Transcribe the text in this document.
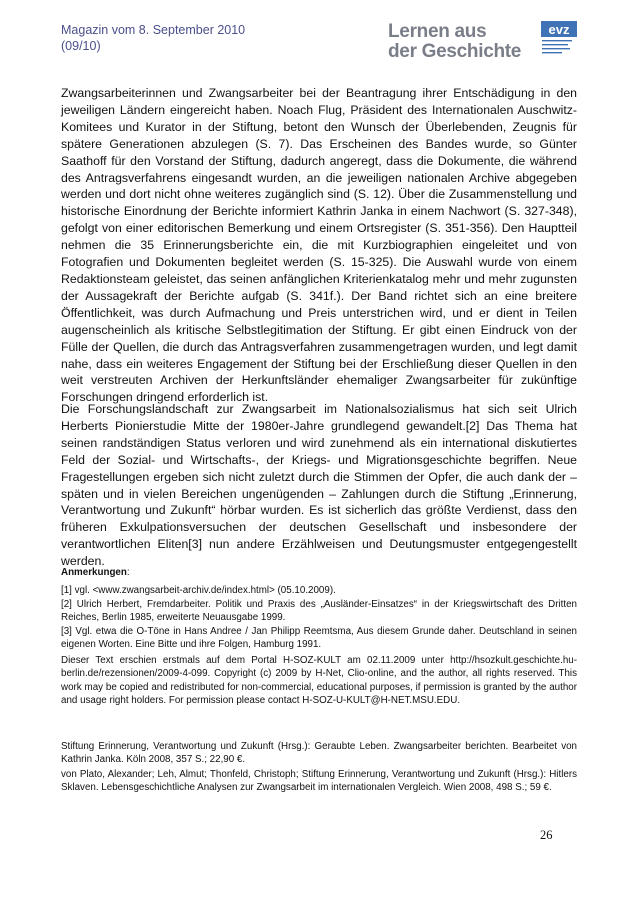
Magazin vom 8. September 2010
(09/10)
Lernen aus
der Geschichte
evz

Zwangsarbeiterinnen und Zwangsarbeiter bei der Beantragung ihrer Entschädigung in den jeweiligen Ländern eingereicht haben. Noach Flug, Präsident des Internationalen Auschwitz-Komitees und Kurator in der Stiftung, betont den Wunsch der Überlebenden, Zeugnis für spätere Generationen abzulegen (S. 7). Das Erscheinen des Bandes wurde, so Günter Saathoff für den Vorstand der Stiftung, dadurch angeregt, dass die Dokumente, die während des Antragsverfahrens eingesandt wurden, an die jeweiligen nationalen Archive abgegeben werden und dort nicht ohne weiteres zugänglich sind (S. 12). Über die Zusammenstellung und historische Einordnung der Berichte informiert Kathrin Janka in einem Nachwort (S. 327-348), gefolgt von einer editorischen Bemerkung und einem Ortsregister (S. 351-356). Den Hauptteil nehmen die 35 Erinnerungsberichte ein, die mit Kurzbiographien eingeleitet und von Fotografien und Dokumenten begleitet werden (S. 15-325). Die Auswahl wurde von einem Redaktionsteam geleistet, das seinen anfänglichen Kriterienkatalog mehr und mehr zugunsten der Aussagekraft der Berichte aufgab (S. 341f.). Der Band richtet sich an eine breitere Öffentlichkeit, was durch Aufmachung und Preis unterstrichen wird, und er dient in Teilen augenscheinlich als kritische Selbstlegitimation der Stiftung. Er gibt einen Eindruck von der Fülle der Quellen, die durch das Antragsverfahren zusammengetragen wurden, und legt damit nahe, dass ein weiteres Engagement der Stiftung bei der Erschließung dieser Quellen in den weit verstreuten Archiven der Herkunftsländer ehemaliger Zwangsarbeiter für zukünftige Forschungen dringend erforderlich ist.

Die Forschungslandschaft zur Zwangsarbeit im Nationalsozialismus hat sich seit Ulrich Herberts Pionierstudie Mitte der 1980er-Jahre grundlegend gewandelt.[2] Das Thema hat seinen randständigen Status verloren und wird zunehmend als ein international diskutiertes Feld der Sozial- und Wirtschafts-, der Kriegs- und Migrationsgeschichte begriffen. Neue Fragestellungen ergeben sich nicht zuletzt durch die Stimmen der Opfer, die auch dank der – späten und in vielen Bereichen ungenügenden – Zahlungen durch die Stiftung „Erinnerung, Verantwortung und Zukunft“ hörbar wurden. Es ist sicherlich das größte Verdienst, dass den früheren Exkulpationsversuchen der deutschen Gesellschaft und insbesondere der verantwortlichen Eliten[3] nun andere Erzählweisen und Deutungsmuster entgegengestellt werden.

Anmerkungen:

[1] vgl. <www.zwangsarbeit-archiv.de/index.html> (05.10.2009).

[2] Ulrich Herbert, Fremdarbeiter. Politik und Praxis des „Ausländer-Einsatzes“ in der Kriegswirtschaft des Dritten Reiches, Berlin 1985, erweiterte Neuausgabe 1999.

[3] Vgl. etwa die O-Töne in Hans Andree / Jan Philipp Reemtsma, Aus diesem Grunde daher. Deutschland in seinen eigenen Worten. Eine Bitte und ihre Folgen, Hamburg 1991.

Dieser Text erschien erstmals auf dem Portal H-SOZ-KULT am 02.11.2009 unter http://hsozkult.geschichte.hu-berlin.de/rezensionen/2009-4-099. Copyright (c) 2009 by H-Net, Clio-online, and the author, all rights reserved. This work may be copied and redistributed for non-commercial, educational purposes, if permission is granted by the author and usage right holders. For permission please contact H-SOZ-U-KULT@H-NET.MSU.EDU.

Stiftung Erinnerung, Verantwortung und Zukunft (Hrsg.): Geraubte Leben. Zwangsarbeiter berichten. Bearbeitet von Kathrin Janka. Köln 2008, 357 S.; 22,90 €.

von Plato, Alexander; Leh, Almut; Thonfeld, Christoph; Stiftung Erinnerung, Verantwortung und Zukunft (Hrsg.): Hitlers Sklaven. Lebensgeschichtliche Analysen zur Zwangsarbeit im internationalen Vergleich. Wien 2008, 498 S.; 59 €.

26
